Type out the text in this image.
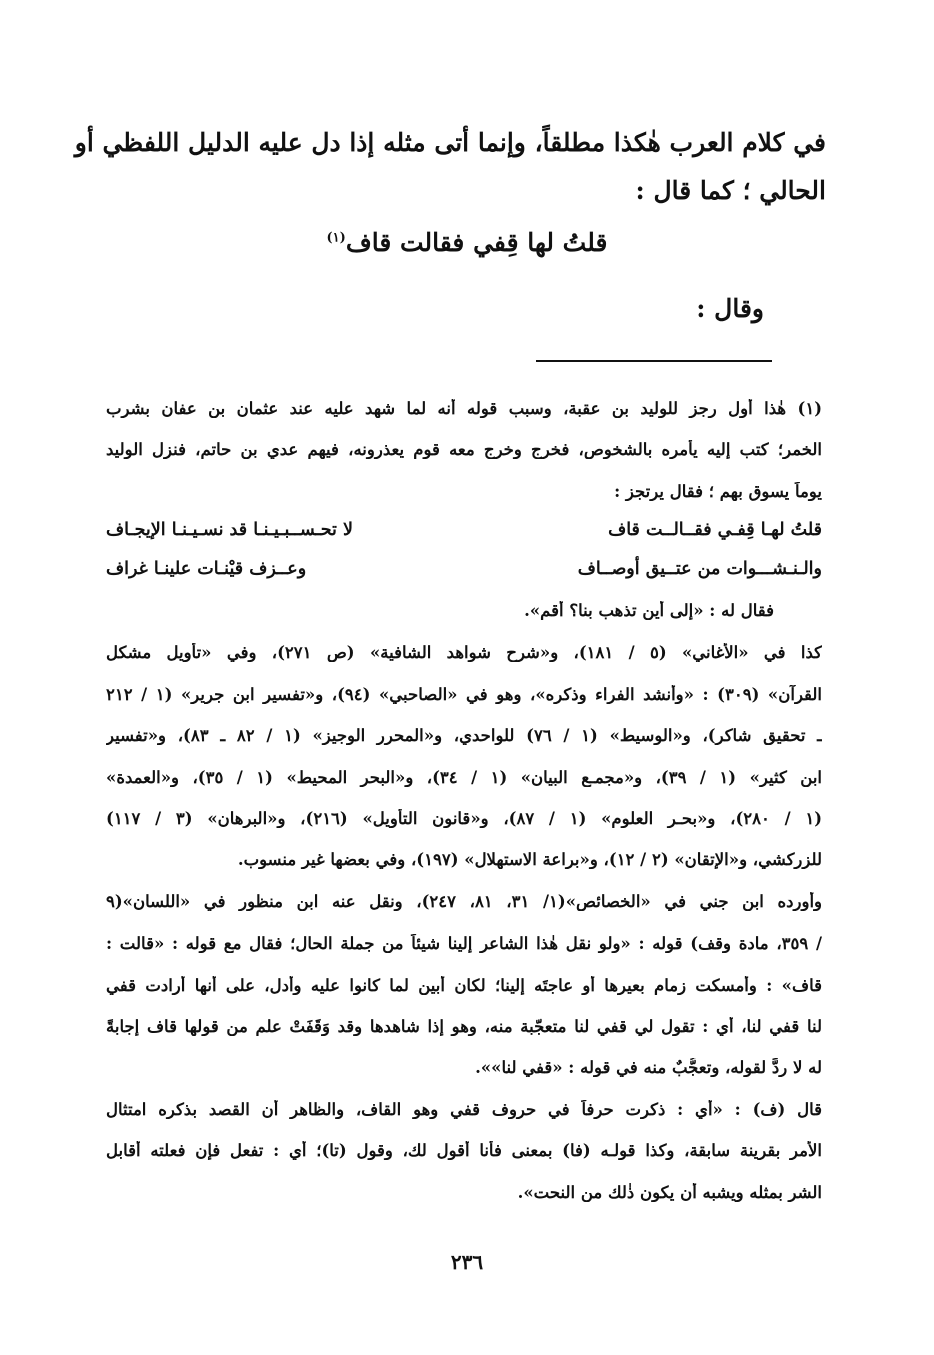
في كلام العرب هٰكذا مطلقاً، وإنما أتى مثله إذا دل عليه الدليل اللفظي أو
الحالي ؛ كما قال :
قلتُ لها قِفي فقالت قاف$^{(١)}$
وقال :
(١) هٰذا أول رجز للوليد بن عقبة، وسبب قوله أنه لما شهد عليه عند عثمان بن عفان بشرب
الخمر؛ كتب إليه يأمره بالشخوص، فخرج وخرج معه قوم يعذرونه، فيهم عدي بن حاتم، فنزل الوليد
يوماً يسوق بهم ؛ فقال يرتجز :
قلتُ لهـا قِفـي فقــالــت قاف
لا تحـســبـيـنـا قد نسـيـنـا الإيجـاف
والـنـشـــوات من عتــيق أوصــاف
وعــزف قيْنـات علينـا غراف
فقال له : «إلى أين تذهب بنا؟ أقم».
كذا في «الأغاني» (٥ / ١٨١)، و«شرح شواهد الشافية» (ص ٢٧١)، وفي «تأويل مشكل
القرآن» (٣٠٩) : «وأنشد الفراء وذكره»، وهو في «الصاحبي» (٩٤)، و«تفسير ابن جرير» (١ / ٢١٢
ـ تحقيق شاكر)، و«الوسيط» (١ / ٧٦) للواحدي، و«المحرر الوجيز» (١ / ٨٢ ـ ٨٣)، و«تفسير
ابن كثير» (١ / ٣٩)، و«مجمـع البيان» (١ / ٣٤)، و«البحر المحيط» (١ / ٣٥)، و«العمدة»
(١ / ٢٨٠)، و«بحـر العلوم» (١ / ٨٧)، و«قانون التأويل» (٢١٦)، و«البرهان» (٣ / ١١٧)
للزركشي، و«الإتقان» (٢ / ١٢)، و«براعة الاستهلال» (١٩٧)، وفي بعضها غير منسوب.
وأورده ابن جني في «الخصائص»(١/ ٣١، ٨١، ٢٤٧)، ونقل عنه ابن منظور في «اللسان»(٩
/ ٣٥٩، مادة وقف) قوله : «ولو نقل هٰذا الشاعر إلينا شيئاً من جملة الحال؛ فقال مع قوله : «قالت :
قاف» : وأمسكت زمام بعيرها أو عاجتَه إلينا؛ لكان أبين لما كانوا عليه وأدل، على أنها أرادت قفي
لنا قفي لنا، أي : تقول لي قفي لنا متعجّبة منه، وهو إذا شاهدها وقد وَقَفَتْ علم من قولها قاف إجابةً
له لا ردَّ لقوله، وتعجُّبٌ منه في قوله : «قفي لنا»».
قال (ف) : «أي : ذكرت حرفاً في حروف قفي وهو القاف، والظاهر أن القصد بذكره امتثال
الأمر بقرينة سابقة، وكذا قولـه (فا) بمعنى فأنا أقول لك، وقول (تا)؛ أي : تفعل فإن فعلته أقابل
الشر بمثله ويشبه أن يكون ذٰلك من النحت».
٢٣٦
